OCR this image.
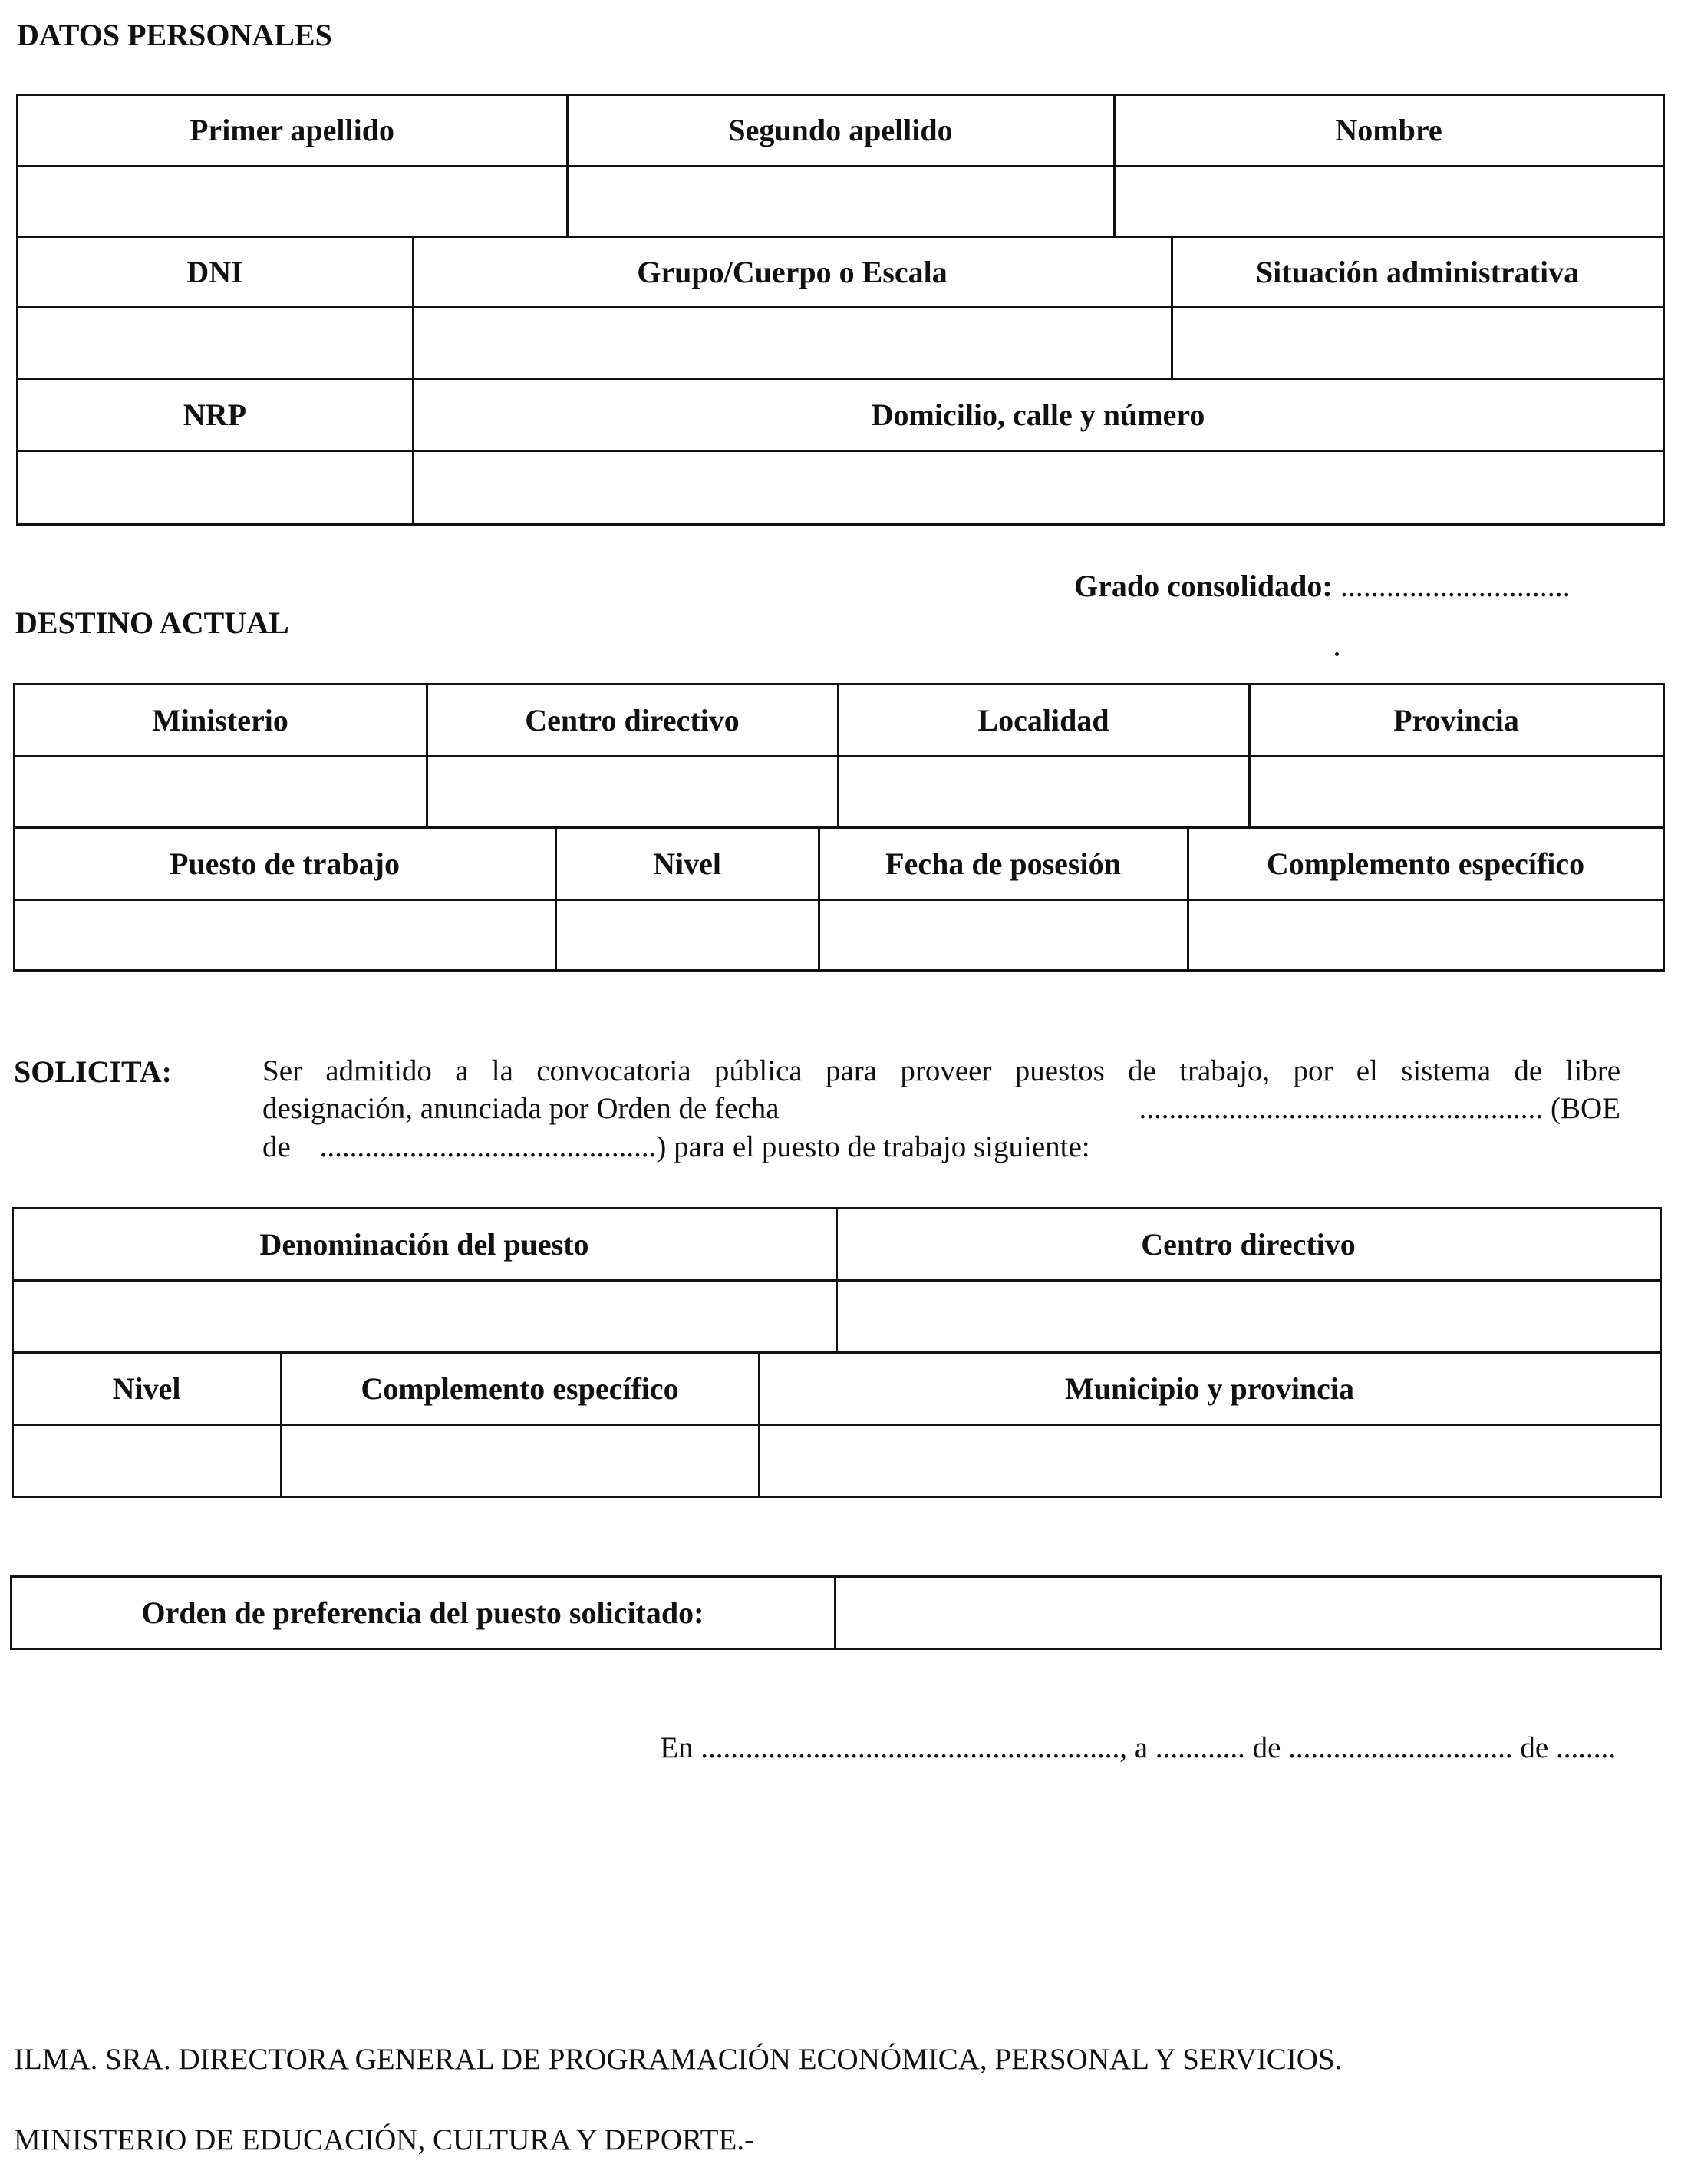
DATOS PERSONALES
Primer apellido	Segundo apellido	Nombre
DNI	Grupo/Cuerpo o Escala	Situación administrativa
NRP	Domicilio, calle y número
Grado consolidado: ..............................
DESTINO ACTUAL
Ministerio	Centro directivo	Localidad	Provincia
Puesto de trabajo	Nivel	Fecha de posesión	Complemento específico
SOLICITA:	Ser admitido a la convocatoria pública para proveer puestos de trabajo, por el sistema de libre
designación, anunciada por Orden de fecha	...................................................... (BOE
de .............................................) para el puesto de trabajo siguiente:
Denominación del puesto	Centro directivo
Nivel	Complemento específico	Municipio y provincia
Orden de preferencia del puesto solicitado:
En ........................................................, a ............ de .............................. de ........
ILMA. SRA. DIRECTORA GENERAL DE PROGRAMACIÓN ECONÓMICA, PERSONAL Y SERVICIOS.
MINISTERIO DE EDUCACIÓN, CULTURA Y DEPORTE.-
